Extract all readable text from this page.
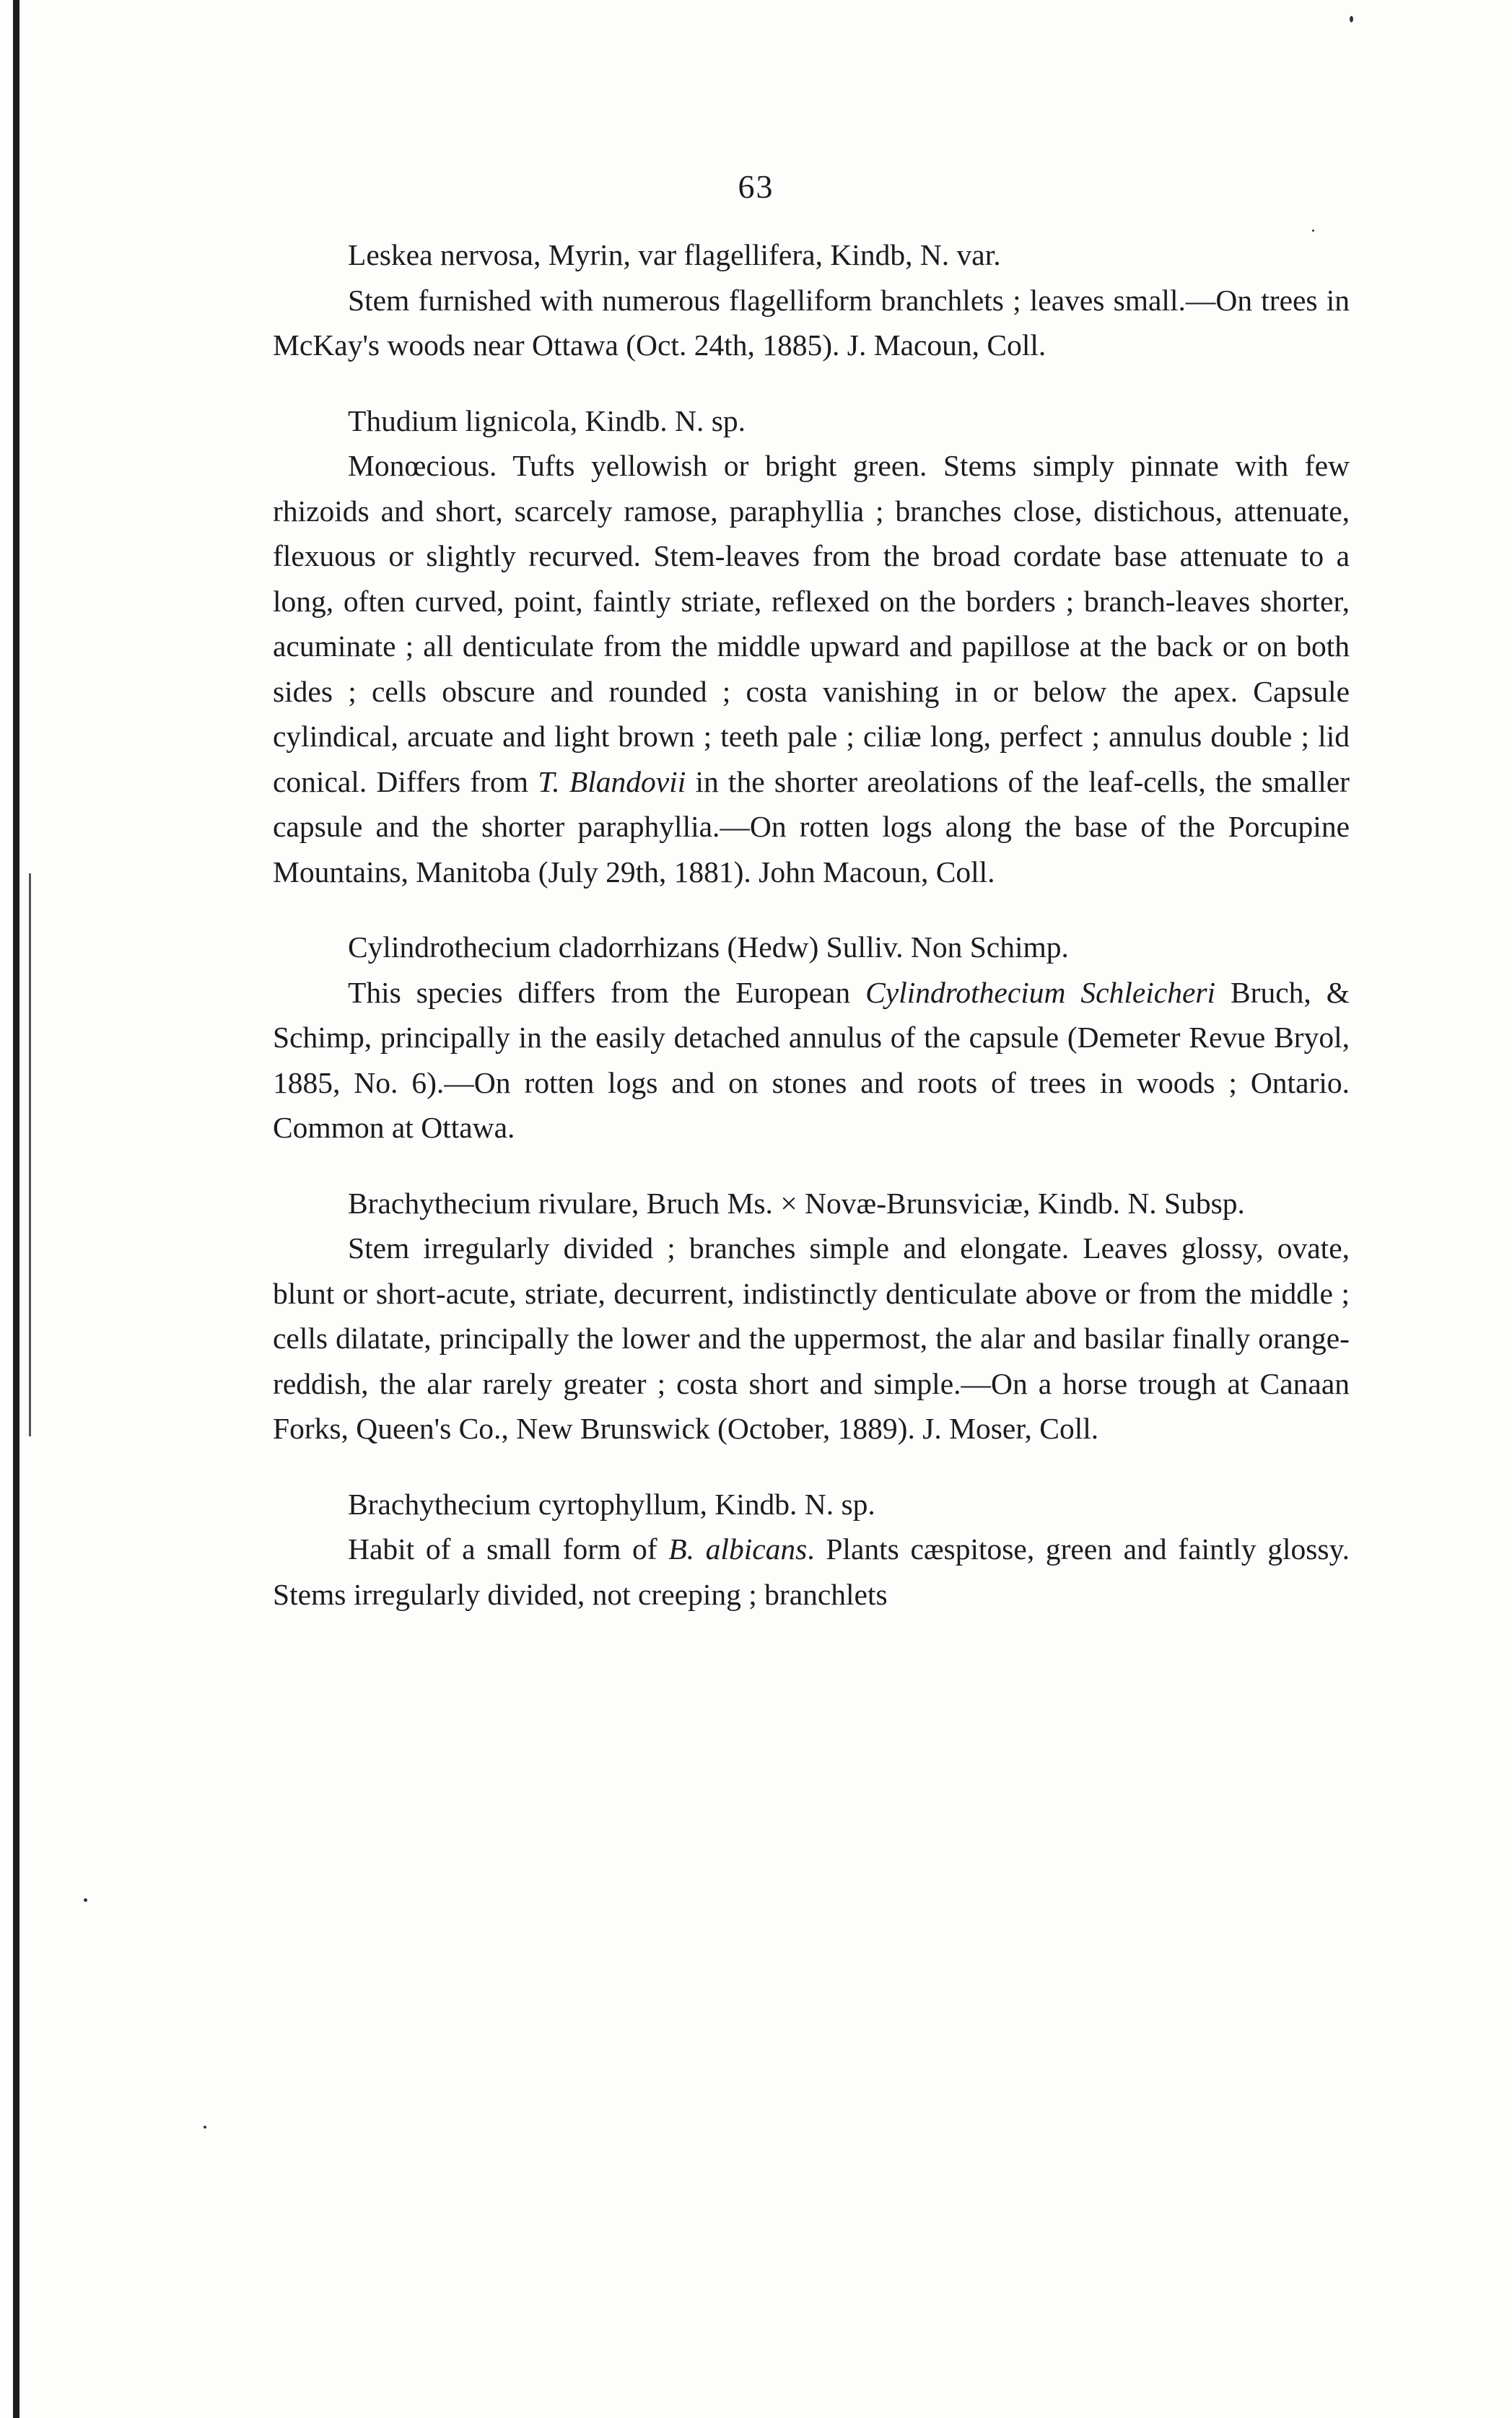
63

Leskea nervosa, Myrin, var flagellifera, Kindb, N. var.

Stem furnished with numerous flagelliform branchlets ; leaves small.—On trees in McKay's woods near Ottawa (Oct. 24th, 1885). J. Macoun, Coll.

Thudium lignicola, Kindb. N. sp.

Monœcious. Tufts yellowish or bright green. Stems simply pinnate with few rhizoids and short, scarcely ramose, paraphyllia ; branches close, distichous, attenuate, flexuous or slightly recurved. Stem-leaves from the broad cordate base attenuate to a long, often curved, point, faintly striate, reflexed on the borders ; branch-leaves shorter, acuminate ; all denticulate from the middle upward and papillose at the back or on both sides ; cells obscure and rounded ; costa vanishing in or below the apex. Capsule cylindical, arcuate and light brown ; teeth pale ; ciliæ long, perfect ; annulus double ; lid conical. Differs from T. Blandovii in the shorter areolations of the leaf-cells, the smaller capsule and the shorter paraphyllia.—On rotten logs along the base of the Porcupine Mountains, Manitoba (July 29th, 1881). John Macoun, Coll.

Cylindrothecium cladorrhizans (Hedw) Sulliv. Non Schimp.

This species differs from the European Cylindrothecium Schleicheri Bruch, & Schimp, principally in the easily detached annulus of the capsule (Demeter Revue Bryol, 1885, No. 6).—On rotten logs and on stones and roots of trees in woods ; Ontario. Common at Ottawa.

Brachythecium rivulare, Bruch Ms. × Novæ-Brunsviciæ, Kindb. N. Subsp.

Stem irregularly divided ; branches simple and elongate. Leaves glossy, ovate, blunt or short-acute, striate, decurrent, indistinctly denticulate above or from the middle ; cells dilatate, principally the lower and the uppermost, the alar and basilar finally orange-reddish, the alar rarely greater ; costa short and simple.—On a horse trough at Canaan Forks, Queen's Co., New Brunswick (October, 1889). J. Moser, Coll.

Brachythecium cyrtophyllum, Kindb. N. sp.

Habit of a small form of B. albicans. Plants cæspitose, green and faintly glossy. Stems irregularly divided, not creeping ; branchlets
